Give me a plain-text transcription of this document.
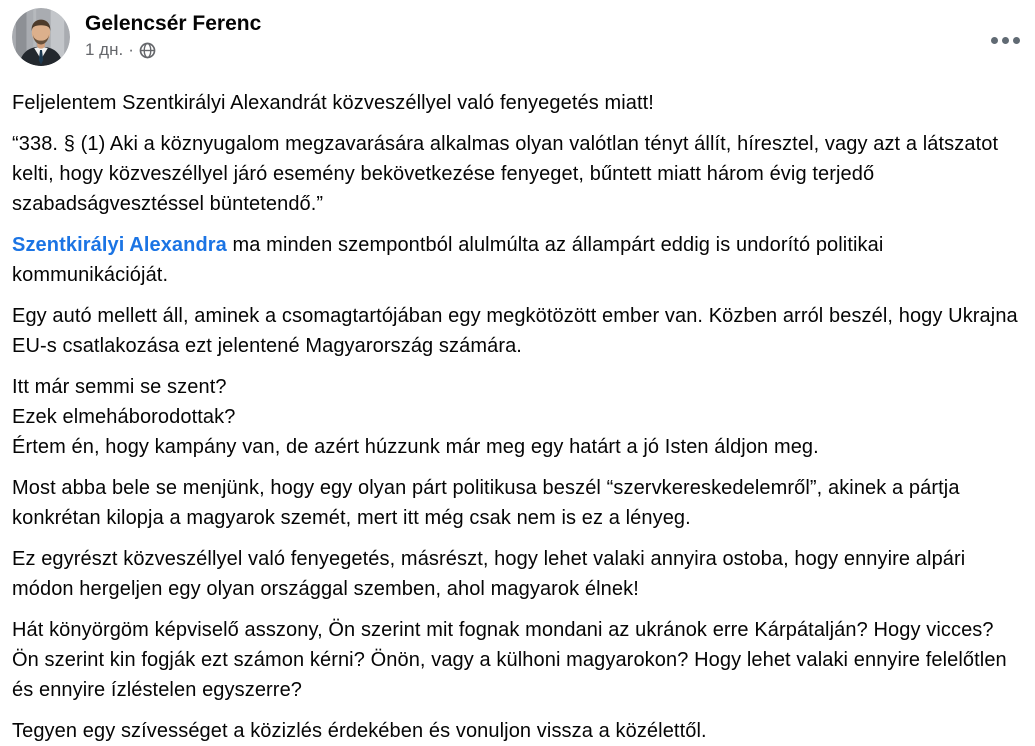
Gelencsér Ferenc
1 дн. ·

Feljelentem Szentkirályi Alexandrát közveszéllyel való fenyegetés miatt!

“338. § (1) Aki a köznyugalom megzavarására alkalmas olyan valótlan tényt állít, híresztel, vagy azt a látszatot kelti, hogy közveszéllyel járó esemény bekövetkezése fenyeget, bűntett miatt három évig terjedő szabadságvesztéssel büntetendő.”

Szentkirályi Alexandra ma minden szempontból alulmúlta az állampárt eddig is undorító politikai kommunikációját.

Egy autó mellett áll, aminek a csomagtartójában egy megkötözött ember van. Közben arról beszél, hogy Ukrajna EU-s csatlakozása ezt jelentené Magyarország számára.

Itt már semmi se szent?
Ezek elmeháborodottak?
Értem én, hogy kampány van, de azért húzzunk már meg egy határt a jó Isten áldjon meg.

Most abba bele se menjünk, hogy egy olyan párt politikusa beszél “szervkereskedelemről”, akinek a pártja konkrétan kilopja a magyarok szemét, mert itt még csak nem is ez a lényeg.

Ez egyrészt közveszéllyel való fenyegetés, másrészt, hogy lehet valaki annyira ostoba, hogy ennyire alpári módon hergeljen egy olyan országgal szemben, ahol magyarok élnek!

Hát könyörgöm képviselő asszony, Ön szerint mit fognak mondani az ukránok erre Kárpátalján? Hogy vicces? Ön szerint kin fogják ezt számon kérni? Önön, vagy a külhoni magyarokon? Hogy lehet valaki ennyire felelőtlen és ennyire ízléstelen egyszerre?

Tegyen egy szívességet a közizlés érdekében és vonuljon vissza a közélettől.
